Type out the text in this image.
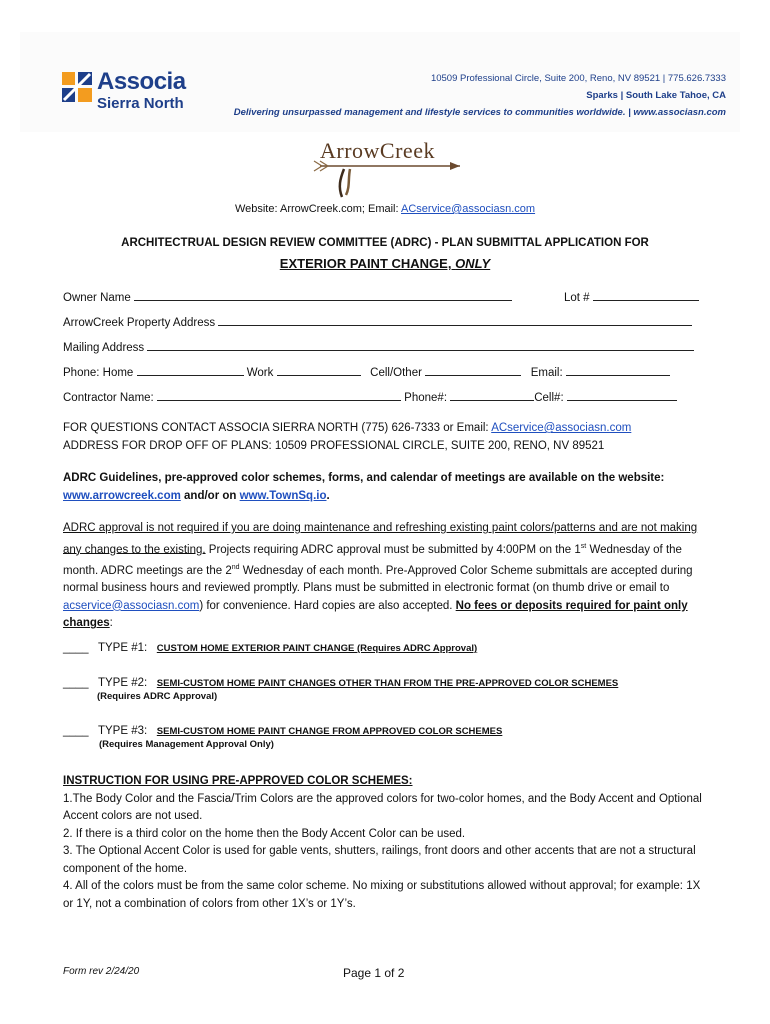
Associa
Sierra North
10509 Professional Circle, Suite 200, Reno, NV 89521 | 775.626.7333
Sparks | South Lake Tahoe, CA
Delivering unsurpassed management and lifestyle services to communities worldwide. | www.associasn.com
ArrowCreek
Website: ArrowCreek.com; Email: ACservice@associasn.com
ARCHITECTRUAL DESIGN REVIEW COMMITTEE (ADRC) - PLAN SUBMITTAL APPLICATION FOR
EXTERIOR PAINT CHANGE, ONLY
Owner Name	Lot #
ArrowCreek Property Address
Mailing Address
Phone: Home	Work	Cell/Other	Email:
Contractor Name:	Phone#:	Cell#:
FOR QUESTIONS CONTACT ASSOCIA SIERRA NORTH (775) 626-7333 or Email: ACservice@associasn.com
ADDRESS FOR DROP OFF OF PLANS: 10509 PROFESSIONAL CIRCLE, SUITE 200, RENO, NV 89521
ADRC Guidelines, pre-approved color schemes, forms, and calendar of meetings are available on the website:
www.arrowcreek.com and/or on www.TownSq.io.
ADRC approval is not required if you are doing maintenance and refreshing existing paint colors/patterns and are not making any changes to the existing. Projects requiring ADRC approval must be submitted by 4:00PM on the 1st Wednesday of the month. ADRC meetings are the 2nd Wednesday of each month. Pre-Approved Color Scheme submittals are accepted during normal business hours and reviewed promptly. Plans must be submitted in electronic format (on thumb drive or email to acservice@associasn.com) for convenience. Hard copies are also accepted. No fees or deposits required for paint only changes:
____ TYPE #1: CUSTOM HOME EXTERIOR PAINT CHANGE (Requires ADRC Approval)
____ TYPE #2: SEMI-CUSTOM HOME PAINT CHANGES OTHER THAN FROM THE PRE-APPROVED COLOR SCHEMES
(Requires ADRC Approval)
____ TYPE #3: SEMI-CUSTOM HOME PAINT CHANGE FROM APPROVED COLOR SCHEMES
(Requires Management Approval Only)
INSTRUCTION FOR USING PRE-APPROVED COLOR SCHEMES:
1.The Body Color and the Fascia/Trim Colors are the approved colors for two-color homes, and the Body Accent and Optional Accent colors are not used.
2. If there is a third color on the home then the Body Accent Color can be used.
3. The Optional Accent Color is used for gable vents, shutters, railings, front doors and other accents that are not a structural component of the home.
4. All of the colors must be from the same color scheme. No mixing or substitutions allowed without approval; for example: 1X or 1Y, not a combination of colors from other 1X’s or 1Y’s.
Form rev 2/24/20	Page 1 of 2
